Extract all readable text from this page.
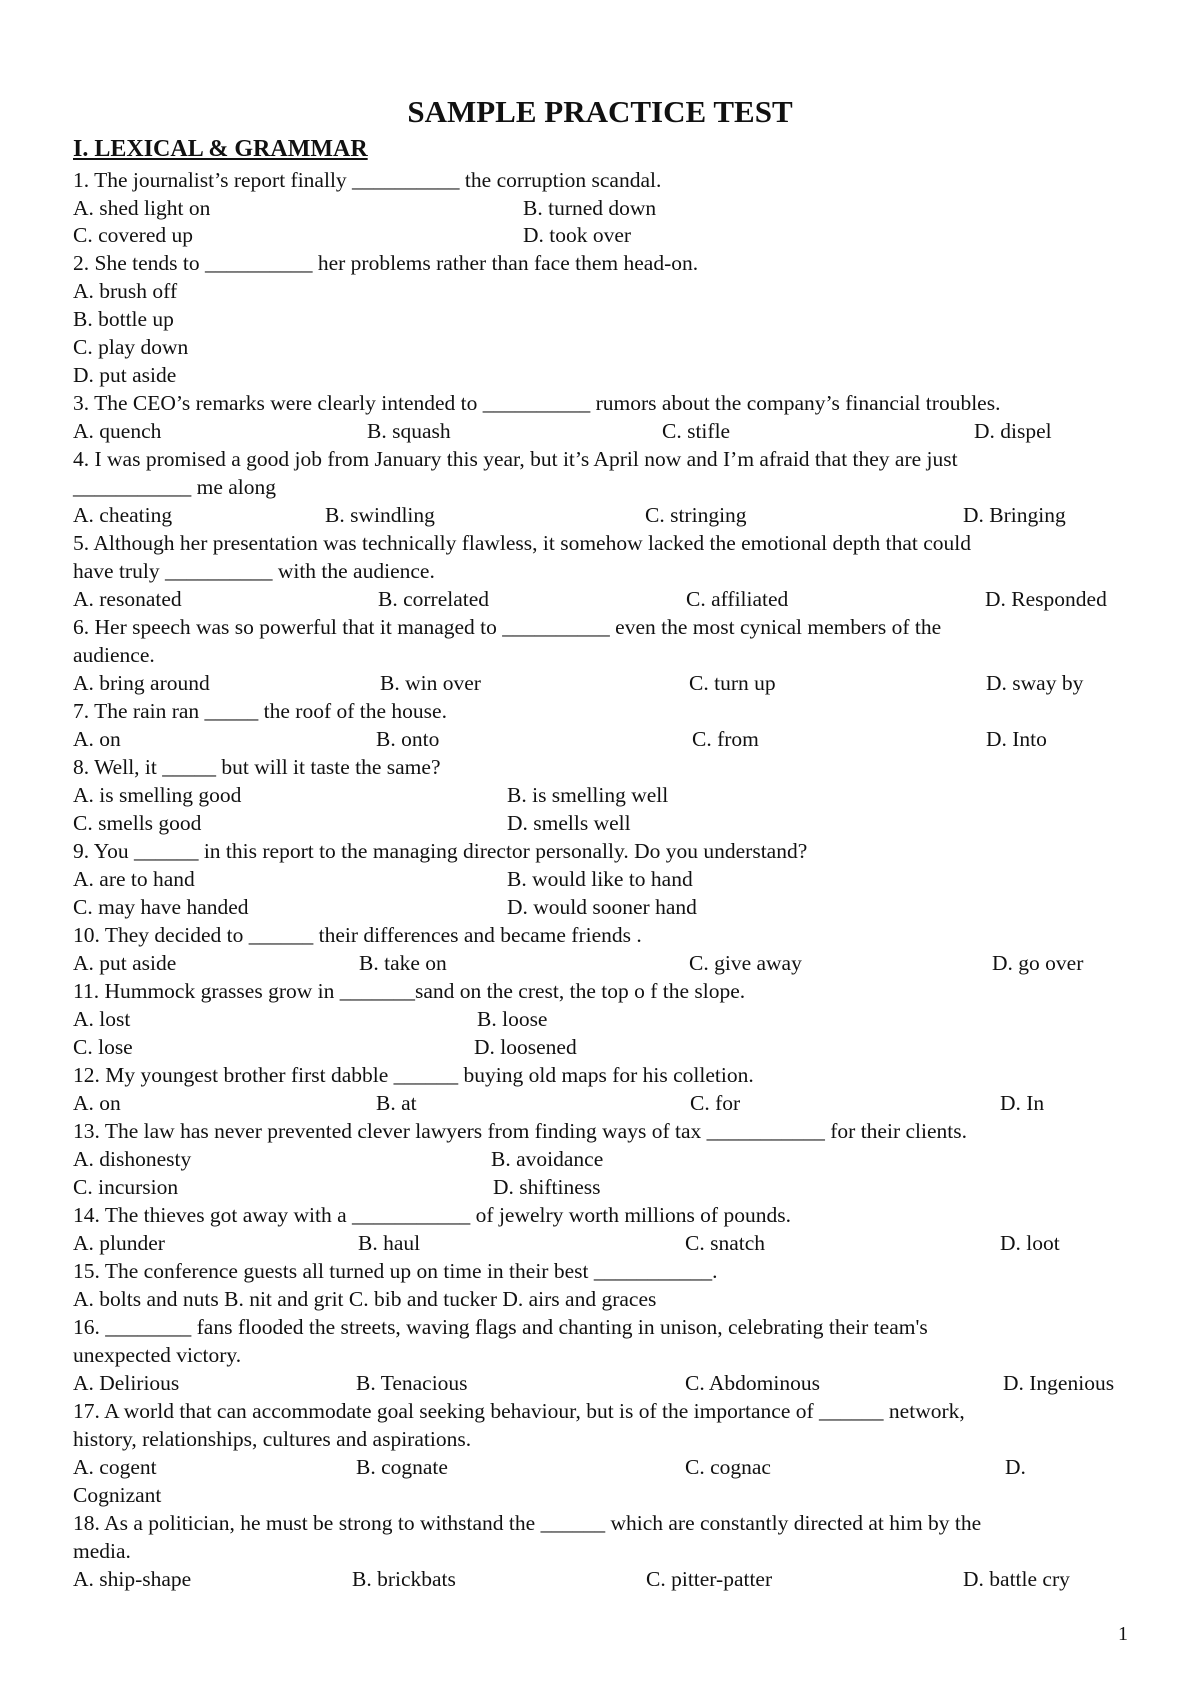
SAMPLE PRACTICE TEST
I. LEXICAL & GRAMMAR
1. The journalist’s report finally __________ the corruption scandal.
A. shed light on	B. turned down
C. covered up	D. took over
2. She tends to __________ her problems rather than face them head-on.
A. brush off
B. bottle up
C. play down
D. put aside
3. The CEO’s remarks were clearly intended to __________ rumors about the company’s financial troubles.
A. quench	B. squash	C. stifle	D. dispel
4. I was promised a good job from January this year, but it’s April now and I’m afraid that they are just
___________ me along
A. cheating	B. swindling	C. stringing	D. Bringing
5. Although her presentation was technically flawless, it somehow lacked the emotional depth that could
have truly __________ with the audience.
A. resonated	B. correlated	C. affiliated	D. Responded
6. Her speech was so powerful that it managed to __________ even the most cynical members of the
audience.
A. bring around	B. win over	C. turn up	D. sway by
7. The rain ran _____ the roof of the house.
A. on	B. onto	C. from	D. Into
8. Well, it _____ but will it taste the same?
A. is smelling good	B. is smelling well
C. smells good	D. smells well
9. You ______ in this report to the managing director personally. Do you understand?
A. are to hand	B. would like to hand
C. may have handed	D. would sooner hand
10. They decided to ______ their differences and became friends .
A. put aside	B. take on	C. give away	D. go over
11. Hummock grasses grow in _______sand on the crest, the top o f the slope.
A. lost	B. loose
C. lose	D. loosened
12. My youngest brother first dabble ______ buying old maps for his colletion.
A. on	B. at	C. for	D. In
13. The law has never prevented clever lawyers from finding ways of tax ___________ for their clients.
A. dishonesty	B. avoidance
C. incursion	D. shiftiness
14. The thieves got away with a ___________ of jewelry worth millions of pounds.
A. plunder	B. haul	C. snatch	D. loot
15. The conference guests all turned up on time in their best ___________.
A. bolts and nuts B. nit and grit C. bib and tucker D. airs and graces
16. ________ fans flooded the streets, waving flags and chanting in unison, celebrating their team's
unexpected victory.
A. Delirious	B. Tenacious	C. Abdominous	D. Ingenious
17. A world that can accommodate goal seeking behaviour, but is of the importance of ______ network,
history, relationships, cultures and aspirations.
A. cogent	B. cognate	C. cognac	D.
Cognizant
18. As a politician, he must be strong to withstand the ______ which are constantly directed at him by the
media.
A. ship-shape	B. brickbats	C. pitter-patter	D. battle cry
1
